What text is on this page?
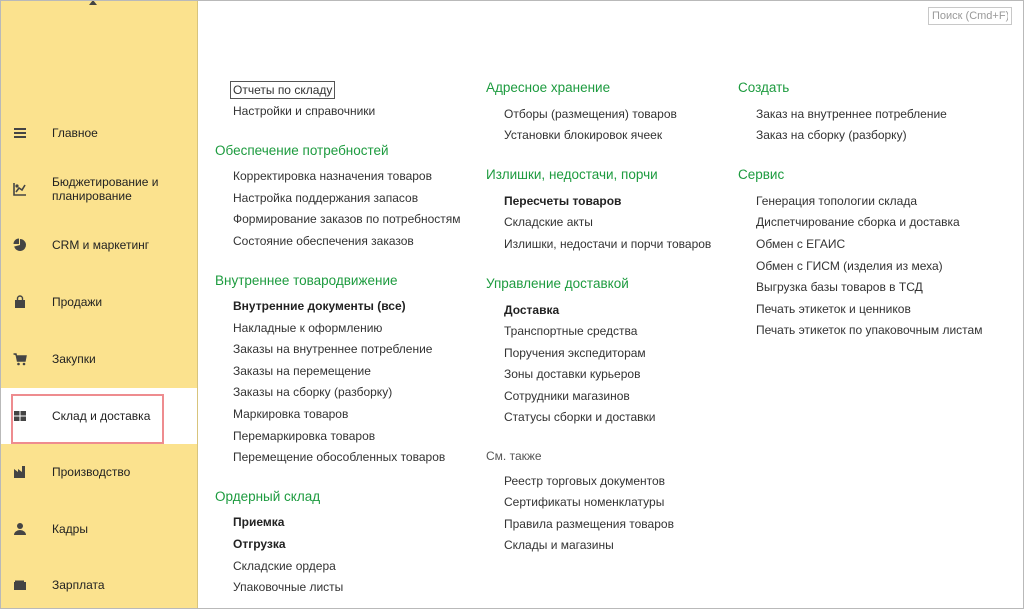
Главное
Бюджетирование и планирование
CRM и маркетинг
Продажи
Закупки
Склад и доставка
Производство
Кадры
Зарплата
Поиск (Cmd+F)
Отчеты по складу
Настройки и справочники
Обеспечение потребностей
Корректировка назначения товаров
Настройка поддержания запасов
Формирование заказов по потребностям
Состояние обеспечения заказов
Внутреннее товародвижение
Внутренние документы (все)
Накладные к оформлению
Заказы на внутреннее потребление
Заказы на перемещение
Заказы на сборку (разборку)
Маркировка товаров
Перемаркировка товаров
Перемещение обособленных товаров
Ордерный склад
Приемка
Отгрузка
Складские ордера
Упаковочные листы
Адресное хранение
Отборы (размещения) товаров
Установки блокировок ячеек
Излишки, недостачи, порчи
Пересчеты товаров
Складские акты
Излишки, недостачи и порчи товаров
Управление доставкой
Доставка
Транспортные средства
Поручения экспедиторам
Зоны доставки курьеров
Сотрудники магазинов
Статусы сборки и доставки
См. также
Реестр торговых документов
Сертификаты номенклатуры
Правила размещения товаров
Склады и магазины
Создать
Заказ на внутреннее потребление
Заказ на сборку (разборку)
Сервис
Генерация топологии склада
Диспетчирование сборка и доставка
Обмен с ЕГАИС
Обмен с ГИСМ (изделия из меха)
Выгрузка базы товаров в ТСД
Печать этикеток и ценников
Печать этикеток по упаковочным листам
